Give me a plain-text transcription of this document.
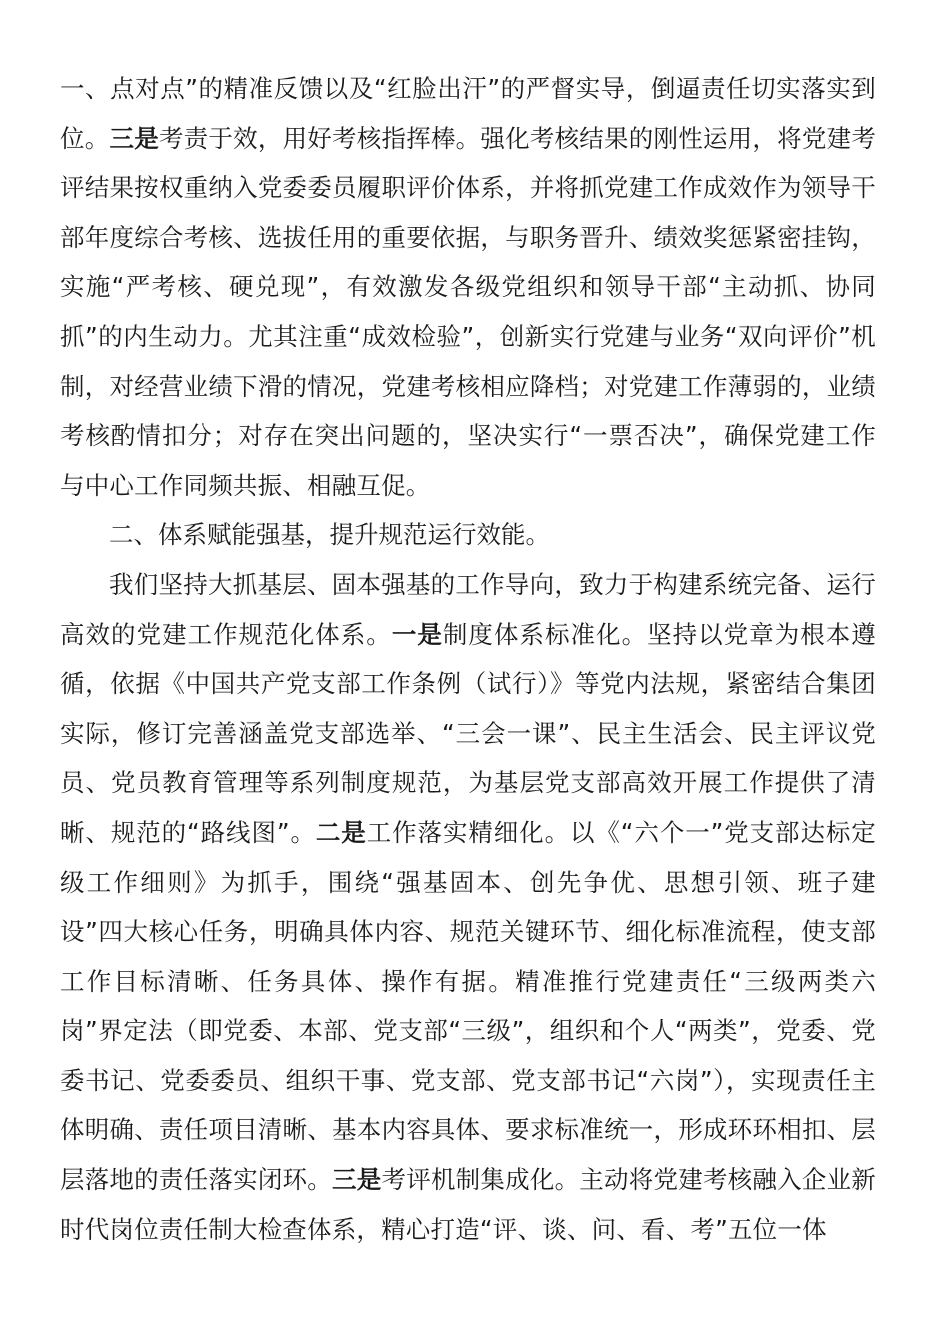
一、点对点”的精准反馈以及“红脸出汗”的严督实导，倒逼责任切实落实到位。三是考责于效，用好考核指挥棒。强化考核结果的刚性运用，将党建考评结果按权重纳入党委委员履职评价体系，并将抓党建工作成效作为领导干部年度综合考核、选拔任用的重要依据，与职务晋升、绩效奖惩紧密挂钩，实施“严考核、硬兑现”，有效激发各级党组织和领导干部“主动抓、协同抓”的内生动力。尤其注重“成效检验”，创新实行党建与业务“双向评价”机制，对经营业绩下滑的情况，党建考核相应降档；对党建工作薄弱的，业绩考核酌情扣分；对存在突出问题的，坚决实行“一票否决”，确保党建工作与中心工作同频共振、相融互促。

二、体系赋能强基，提升规范运行效能。

我们坚持大抓基层、固本强基的工作导向，致力于构建系统完备、运行高效的党建工作规范化体系。一是制度体系标准化。坚持以党章为根本遵循，依据《中国共产党支部工作条例（试行）》等党内法规，紧密结合集团实际，修订完善涵盖党支部选举、“三会一课”、民主生活会、民主评议党员、党员教育管理等系列制度规范，为基层党支部高效开展工作提供了清晰、规范的“路线图”。二是工作落实精细化。以《“六个一”党支部达标定级工作细则》为抓手，围绕“强基固本、创先争优、思想引领、班子建设”四大核心任务，明确具体内容、规范关键环节、细化标准流程，使支部工作目标清晰、任务具体、操作有据。精准推行党建责任“三级两类六岗”界定法（即党委、本部、党支部“三级”，组织和个人“两类”，党委、党委书记、党委委员、组织干事、党支部、党支部书记“六岗”），实现责任主体明确、责任项目清晰、基本内容具体、要求标准统一，形成环环相扣、层层落地的责任落实闭环。三是考评机制集成化。主动将党建考核融入企业新时代岗位责任制大检查体系，精心打造“评、谈、问、看、考”五位一体
